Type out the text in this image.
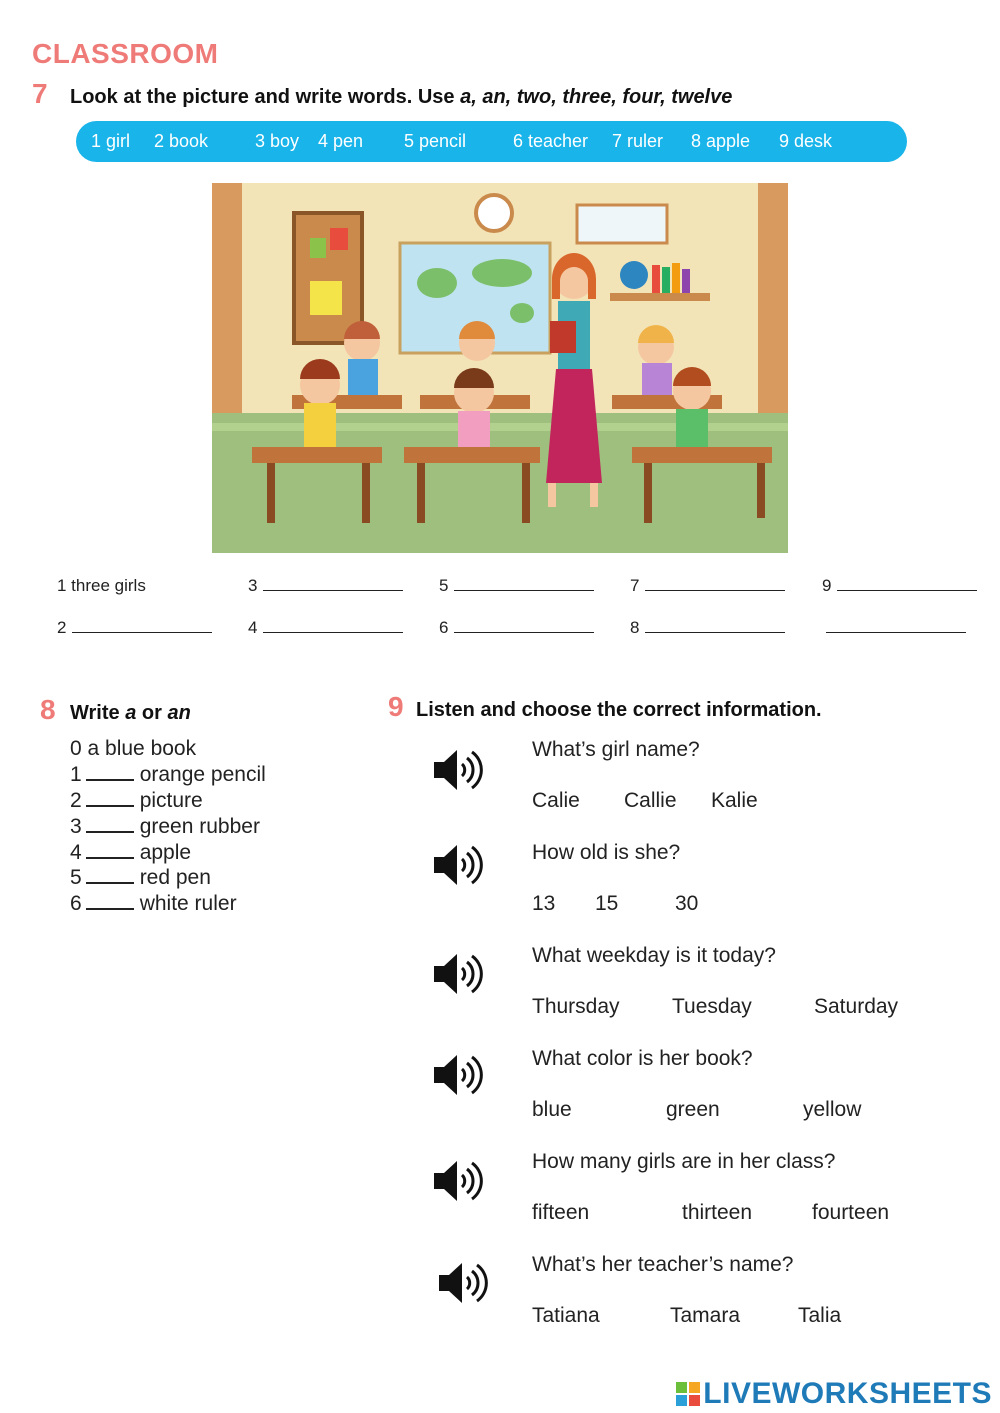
CLASSROOM
7 Look at the picture and write words. Use a, an, two, three, four, twelve
1 girl 2 book	3 boy 4 pen 5 pencil	6 teacher 7 ruler 8 apple 9 desk
1 three girls	3	5	7	9
2	4	6	8
8 Write a or an
0 a blue book
1	orange pencil
2	picture
3	green rubber
4	apple
5	red pen
6	white ruler
9 Listen and choose the correct information.
What’s girl name?
Calie Callie Kalie
How old is she?
13 15	30
What weekday is it today?
Thursday Tuesday	Saturday
What color is her book?
blue	green	yellow
How many girls are in her class?
fifteen	thirteen	fourteen
What’s her teacher’s name?
Tatiana	Tamara	Talia
LIVEWORKSHEETS
